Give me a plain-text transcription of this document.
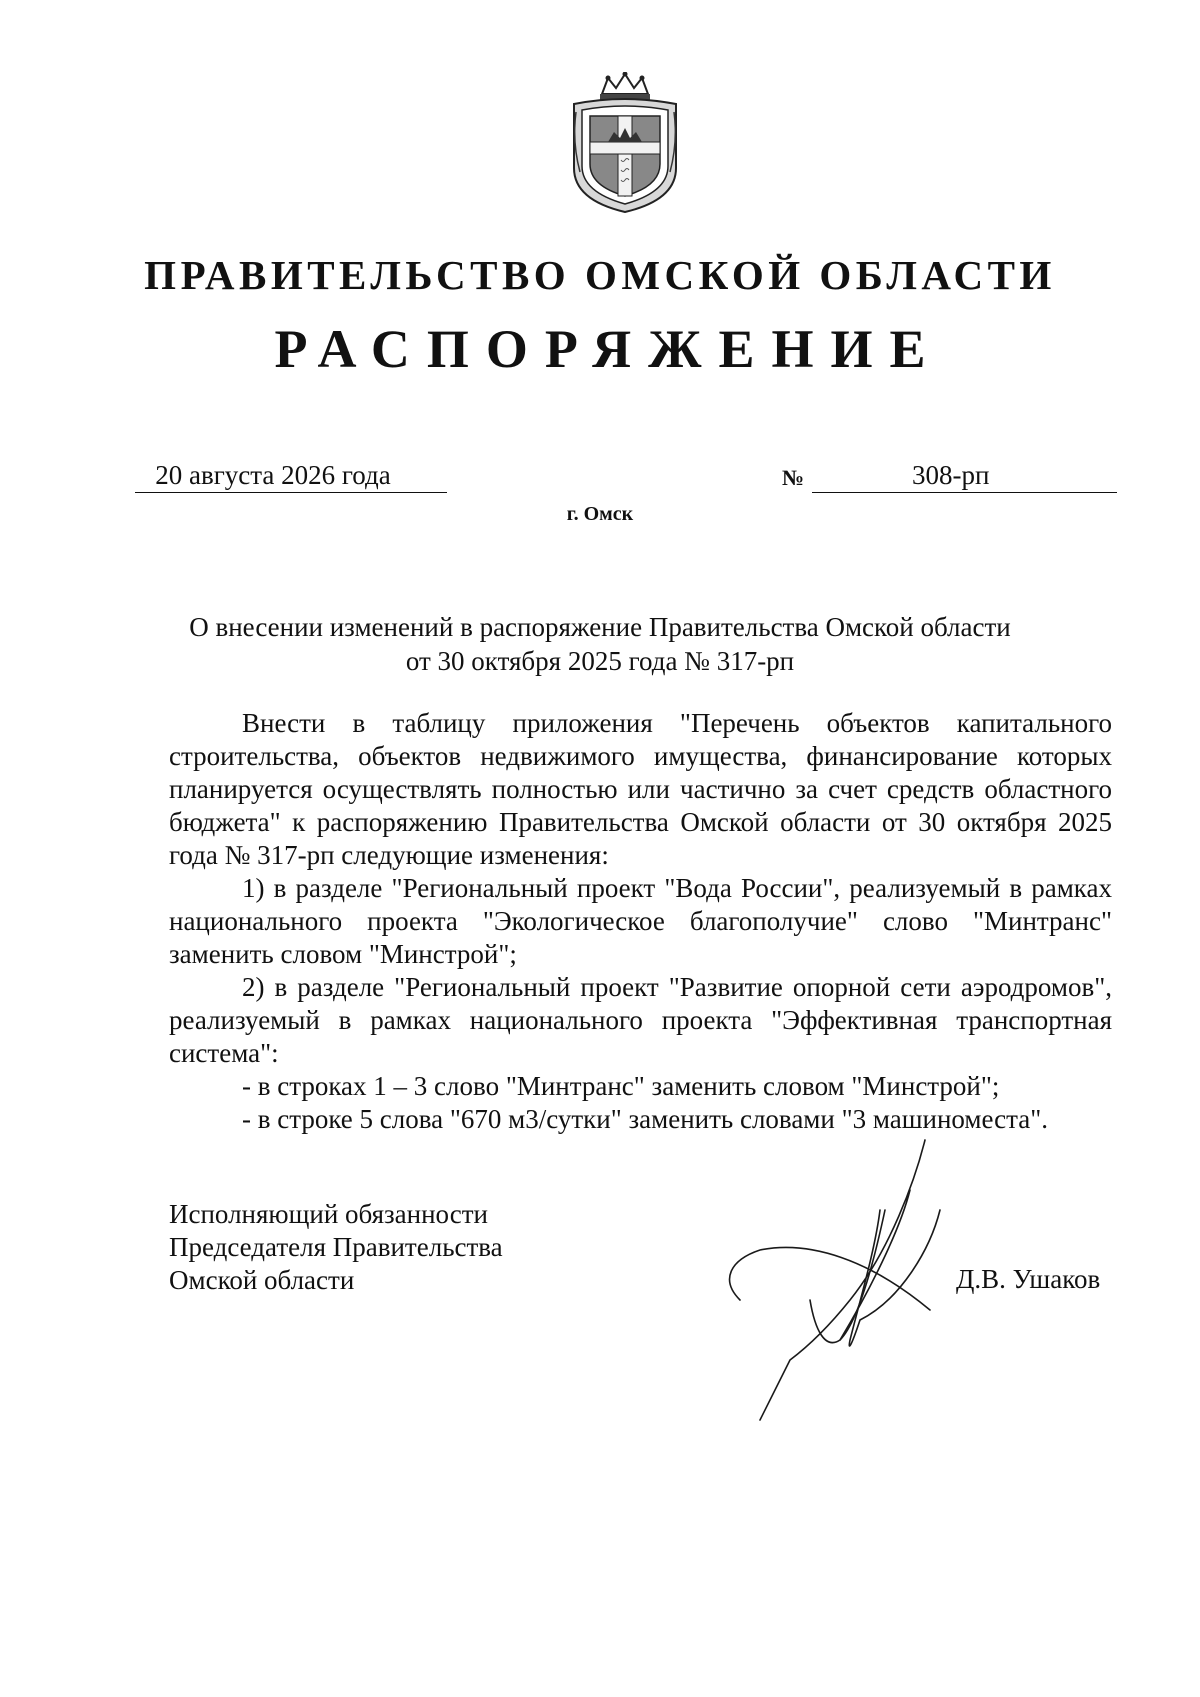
ПРАВИТЕЛЬСТВО ОМСКОЙ ОБЛАСТИ
РАСПОРЯЖЕНИЕ
20 августа 2026 года	№	308-рп
г. Омск
О внесении изменений в распоряжение Правительства Омской области
от 30 октября 2025 года № 317-рп

Внести в таблицу приложения "Перечень объектов капитального строительства, объектов недвижимого имущества, финансирование которых планируется осуществлять полностью или частично за счет средств областного бюджета" к распоряжению Правительства Омской области от 30 октября 2025 года № 317-рп следующие изменения:

1) в разделе "Региональный проект "Вода России", реализуемый в рамках национального проекта "Экологическое благополучие" слово "Минтранс" заменить словом "Минстрой";

2) в разделе "Региональный проект "Развитие опорной сети аэродромов", реализуемый в рамках национального проекта "Эффективная транспортная система":

- в строках 1 – 3 слово "Минтранс" заменить словом "Минстрой";

- в строке 5 слова "670 м3/сутки" заменить словами "3 машиноместа".

Исполняющий обязанности
Председателя Правительства
Омской области	Д.В. Ушаков
